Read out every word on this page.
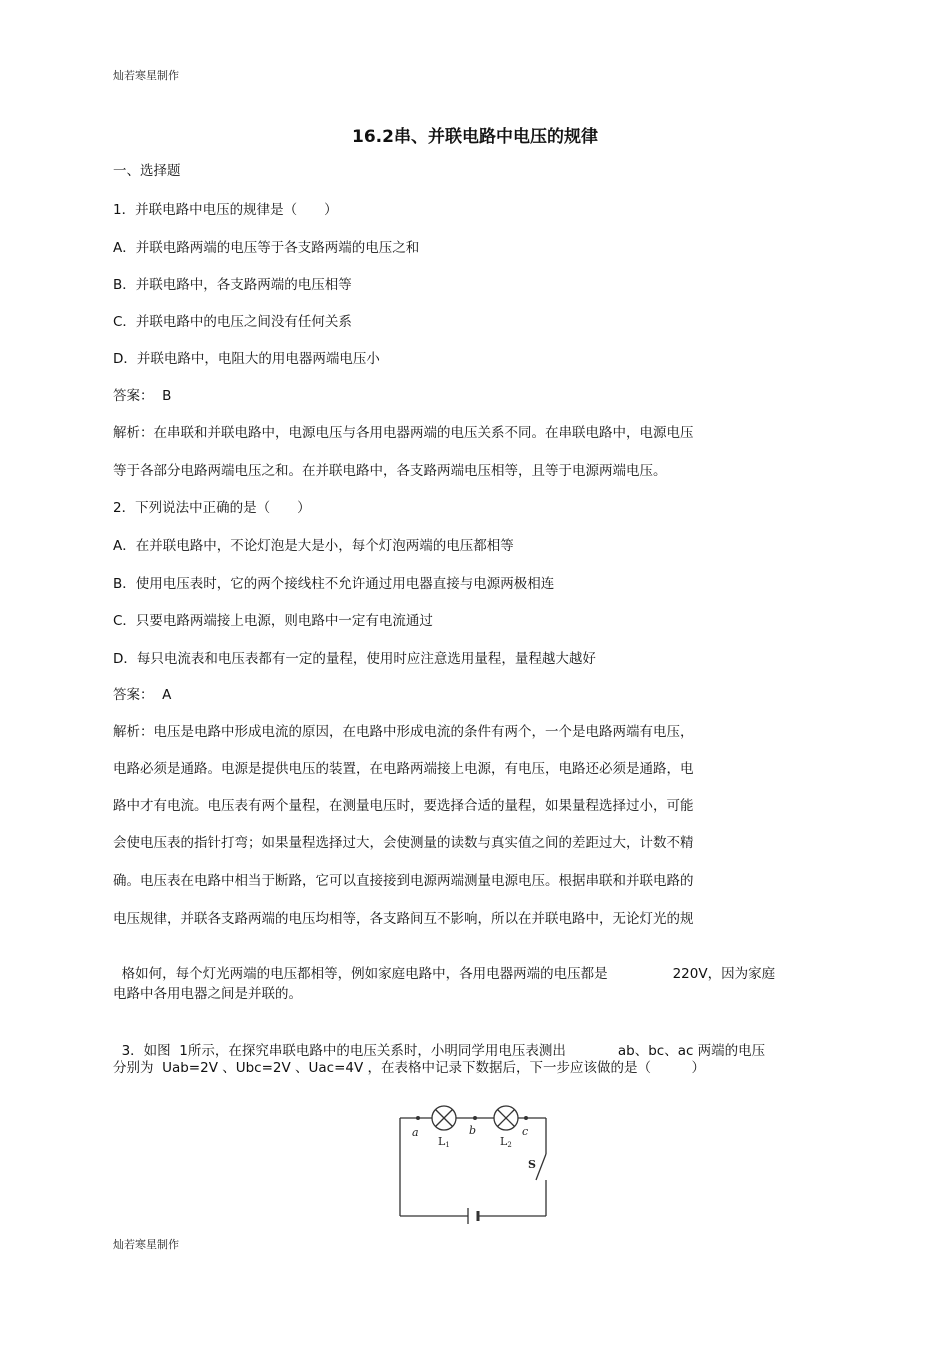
灿若寒星制作
16.2串、并联电路中电压的规律
一、选择题
1．并联电路中电压的规律是（　　）
A．并联电路两端的电压等于各支路两端的电压之和
B．并联电路中，各支路两端的电压相等
C．并联电路中的电压之间没有任何关系
D．并联电路中，电阻大的用电器两端电压小
答案：  B
解析：在串联和并联电路中，电源电压与各用电器两端的电压关系不同。在串联电路中，电源电压
等于各部分电路两端电压之和。在并联电路中，各支路两端电压相等，且等于电源两端电压。
2．下列说法中正确的是（　　）
A．在并联电路中，不论灯泡是大是小，每个灯泡两端的电压都相等
B．使用电压表时，它的两个接线柱不允许通过用电器直接与电源两极相连
C．只要电路两端接上电源，则电路中一定有电流通过
D．每只电流表和电压表都有一定的量程，使用时应注意选用量程，量程越大越好
答案：  A
解析：电压是电路中形成电流的原因，在电路中形成电流的条件有两个，一个是电路两端有电压，
电路必须是通路。电源是提供电压的装置，在电路两端接上电源，有电压，电路还必须是通路，电
路中才有电流。电压表有两个量程，在测量电压时，要选择合适的量程，如果量程选择过小，可能
会使电压表的指针打弯；如果量程选择过大，会使测量的读数与真实值之间的差距过大，计数不精
确。电压表在电路中相当于断路，它可以直接接到电源两端测量电源电压。根据串联和并联电路的
电压规律，并联各支路两端的电压均相等，各支路间互不影响，所以在并联电路中，无论灯光的规

格如何，每个灯光两端的电压都相等，例如家庭电路中，各用电器两端的电压都是	220V，因为家庭

电路中各用电器之间是并联的。

3．如图  1所示，在探究串联电路中的电压关系时，小明同学用电压表测出	ab、bc、ac 两端的电压

分别为  Uab=2V 、Ubc=2V 、Uac=4V ，在表格中记录下数据后，下一步应该做的是（　　　）
a	b	c
L1	L2
S
灿若寒星制作
